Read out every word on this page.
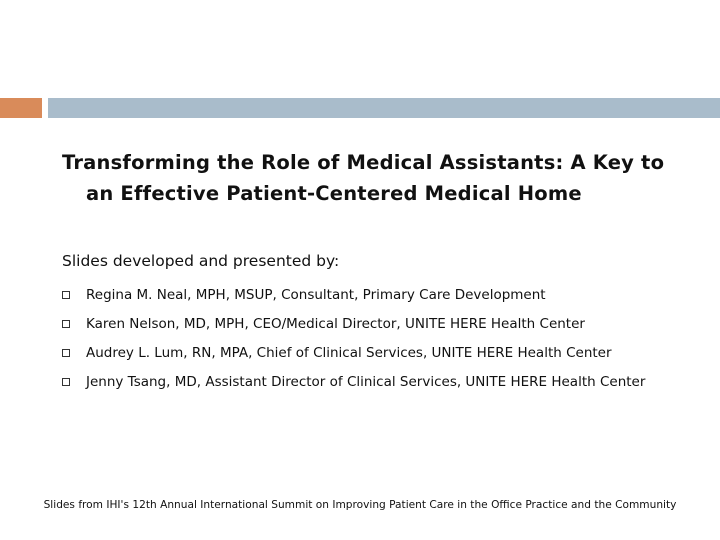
Transforming the Role of Medical Assistants: A Key to an Effective Patient-Centered Medical Home

Slides developed and presented by:

Regina M. Neal, MPH, MSUP, Consultant, Primary Care Development
Karen Nelson, MD, MPH, CEO/Medical Director, UNITE HERE Health Center
Audrey L. Lum, RN, MPA, Chief of Clinical Services, UNITE HERE Health Center
Jenny Tsang, MD, Assistant Director of Clinical Services, UNITE HERE Health Center
Slides from IHI's 12th Annual International Summit on Improving Patient Care in the Office Practice and the Community
